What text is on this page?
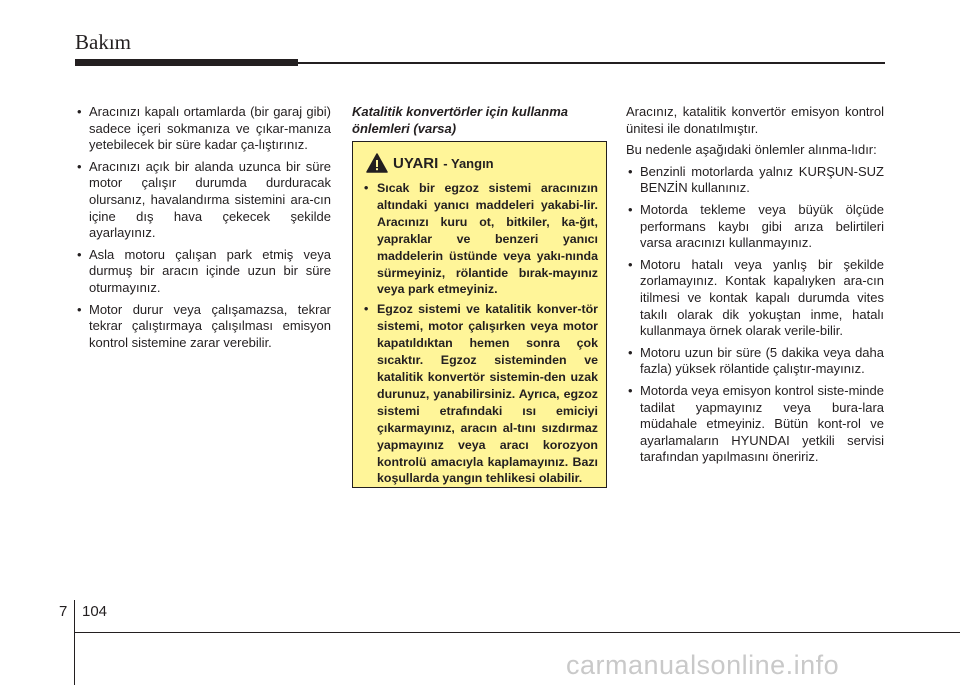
Bakım
• Aracınızı kapalı ortamlarda (bir garaj gibi) sadece içeri sokmanıza ve çıkar-manıza yetebilecek bir süre kadar ça-lıştırınız.
• Aracınızı açık bir alanda uzunca bir süre motor çalışır durumda durduracak olursanız, havalandırma sistemini ara-cın içine dış hava çekecek şekilde ayarlayınız.
• Asla motoru çalışan park etmiş veya durmuş bir aracın içinde uzun bir süre oturmayınız.
• Motor durur veya çalışamazsa, tekrar tekrar çalıştırmaya çalışılması emisyon kontrol sistemine zarar verebilir.
Katalitik konvertörler için kullanma önlemleri (varsa)
UYARI - Yangın
• Sıcak bir egzoz sistemi aracınızın altındaki yanıcı maddeleri yakabi-lir. Aracınızı kuru ot, bitkiler, ka-ğıt, yapraklar ve benzeri yanıcı maddelerin üstünde veya yakı-nında sürmeyiniz, rölantide bırak-mayınız veya park etmeyiniz.
• Egzoz sistemi ve katalitik konver-tör sistemi, motor çalışırken veya motor kapatıldıktan hemen sonra çok sıcaktır. Egzoz sisteminden ve katalitik konvertör sistemin-den uzak durunuz, yanabilirsiniz. Ayrıca, egzoz sistemi etrafındaki ısı emiciyi çıkarmayınız, aracın al-tını sızdırmaz yapmayınız veya aracı korozyon kontrolü amacıyla kaplamayınız. Bazı koşullarda yangın tehlikesi olabilir.

Aracınız, katalitik konvertör emisyon kontrol ünitesi ile donatılmıştır.

Bu nedenle aşağıdaki önlemler alınma-lıdır:

• Benzinli motorlarda yalnız KURŞUN-SUZ BENZİN kullanınız.
• Motorda tekleme veya büyük ölçüde performans kaybı gibi arıza belirtileri varsa aracınızı kullanmayınız.
• Motoru hatalı veya yanlış bir şekilde zorlamayınız. Kontak kapalıyken ara-cın itilmesi ve kontak kapalı durumda vites takılı olarak dik yokuştan inme, hatalı kullanmaya örnek olarak verile-bilir.
• Motoru uzun bir süre (5 dakika veya daha fazla) yüksek rölantide çalıştır-mayınız.
• Motorda veya emisyon kontrol siste-minde tadilat yapmayınız veya bura-lara müdahale etmeyiniz. Bütün kont-rol ve ayarlamaların HYUNDAI yetkili servisi tarafından yapılmasını öneririz.
7 104
carmanualsonline.info
